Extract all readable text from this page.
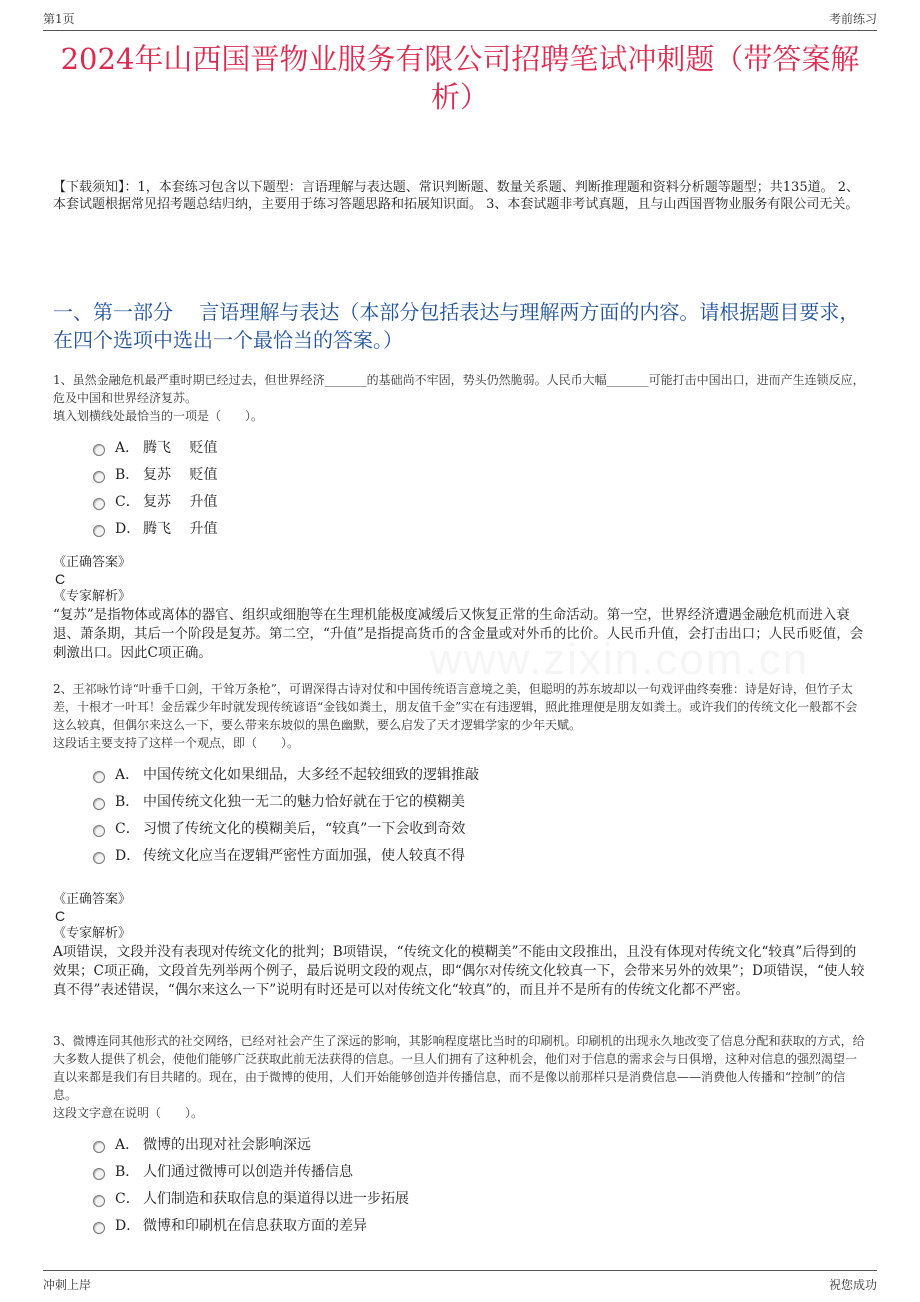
第1页	考前练习
2024年山西国晋物业服务有限公司招聘笔试冲刺题（带答案解析）
【下载须知】：1，本套练习包含以下题型：言语理解与表达题、常识判断题、数量关系题、判断推理题和资料分析题等题型；共135道。 2、本套试题根据常见招考题总结归纳，主要用于练习答题思路和拓展知识面。 3、本套试题非考试真题，且与山西国晋物业服务有限公司无关。
一、第一部分　 言语理解与表达（本部分包括表达与理解两方面的内容。请根据题目要求，在四个选项中选出一个最恰当的答案。）
www.zixin.com.cn

1、虽然金融危机最严重时期已经过去，但世界经济_______的基础尚不牢固，势头仍然脆弱。人民币大幅_______可能打击中国出口，进而产生连锁反应，危及中国和世界经济复苏。

填入划横线处最恰当的一项是（　　）。

A． 腾飞　 贬值
B． 复苏　 贬值
C． 复苏　 升值
D． 腾飞　 升值
《正确答案》
C
《专家解析》
“复苏”是指物体或离体的器官、组织或细胞等在生理机能极度减缓后又恢复正常的生命活动。第一空，世界经济遭遇金融危机而进入衰退、萧条期，其后一个阶段是复苏。第二空，“升值”是指提高货币的含金量或对外币的比价。人民币升值，会打击出口；人民币贬值，会刺激出口。因此C项正确。

2、王祁咏竹诗“叶垂千口剑，干耸万条枪”，可谓深得古诗对仗和中国传统语言意境之美，但聪明的苏东坡却以一句戏评曲终奏雅：诗是好诗，但竹子太差，十根才一叶耳！金岳霖少年时就发现传统谚语“金钱如粪土，朋友值千金”实在有违逻辑，照此推理便是朋友如粪土。或许我们的传统文化一般都不会这么较真，但偶尔来这么一下，要么带来东坡似的黑色幽默，要么启发了天才逻辑学家的少年天赋。

这段话主要支持了这样一个观点，即（　　）。

A． 中国传统文化如果细品，大多经不起较细致的逻辑推敲
B． 中国传统文化独一无二的魅力恰好就在于它的模糊美
C． 习惯了传统文化的模糊美后，“较真”一下会收到奇效
D． 传统文化应当在逻辑严密性方面加强，使人较真不得
《正确答案》
C
《专家解析》
A项错误，文段并没有表现对传统文化的批判；B项错误，“传统文化的模糊美”不能由文段推出，且没有体现对传统文化“较真”后得到的效果；C项正确，文段首先列举两个例子，最后说明文段的观点，即“偶尔对传统文化较真一下，会带来另外的效果”；D项错误，“使人较真不得”表述错误，“偶尔来这么一下”说明有时还是可以对传统文化“较真”的，而且并不是所有的传统文化都不严密。

3、微博连同其他形式的社交网络，已经对社会产生了深远的影响，其影响程度堪比当时的印刷机。印刷机的出现永久地改变了信息分配和获取的方式，给大多数人提供了机会，使他们能够广泛获取此前无法获得的信息。一旦人们拥有了这种机会，他们对于信息的需求会与日俱增，这种对信息的强烈渴望一直以来都是我们有目共睹的。现在，由于微博的使用，人们开始能够创造并传播信息，而不是像以前那样只是消费信息——消费他人传播和“控制”的信息。

这段文字意在说明（　　）。

A． 微博的出现对社会影响深远
B． 人们通过微博可以创造并传播信息
C． 人们制造和获取信息的渠道得以进一步拓展
D． 微博和印刷机在信息获取方面的差异
冲刺上岸	祝您成功
